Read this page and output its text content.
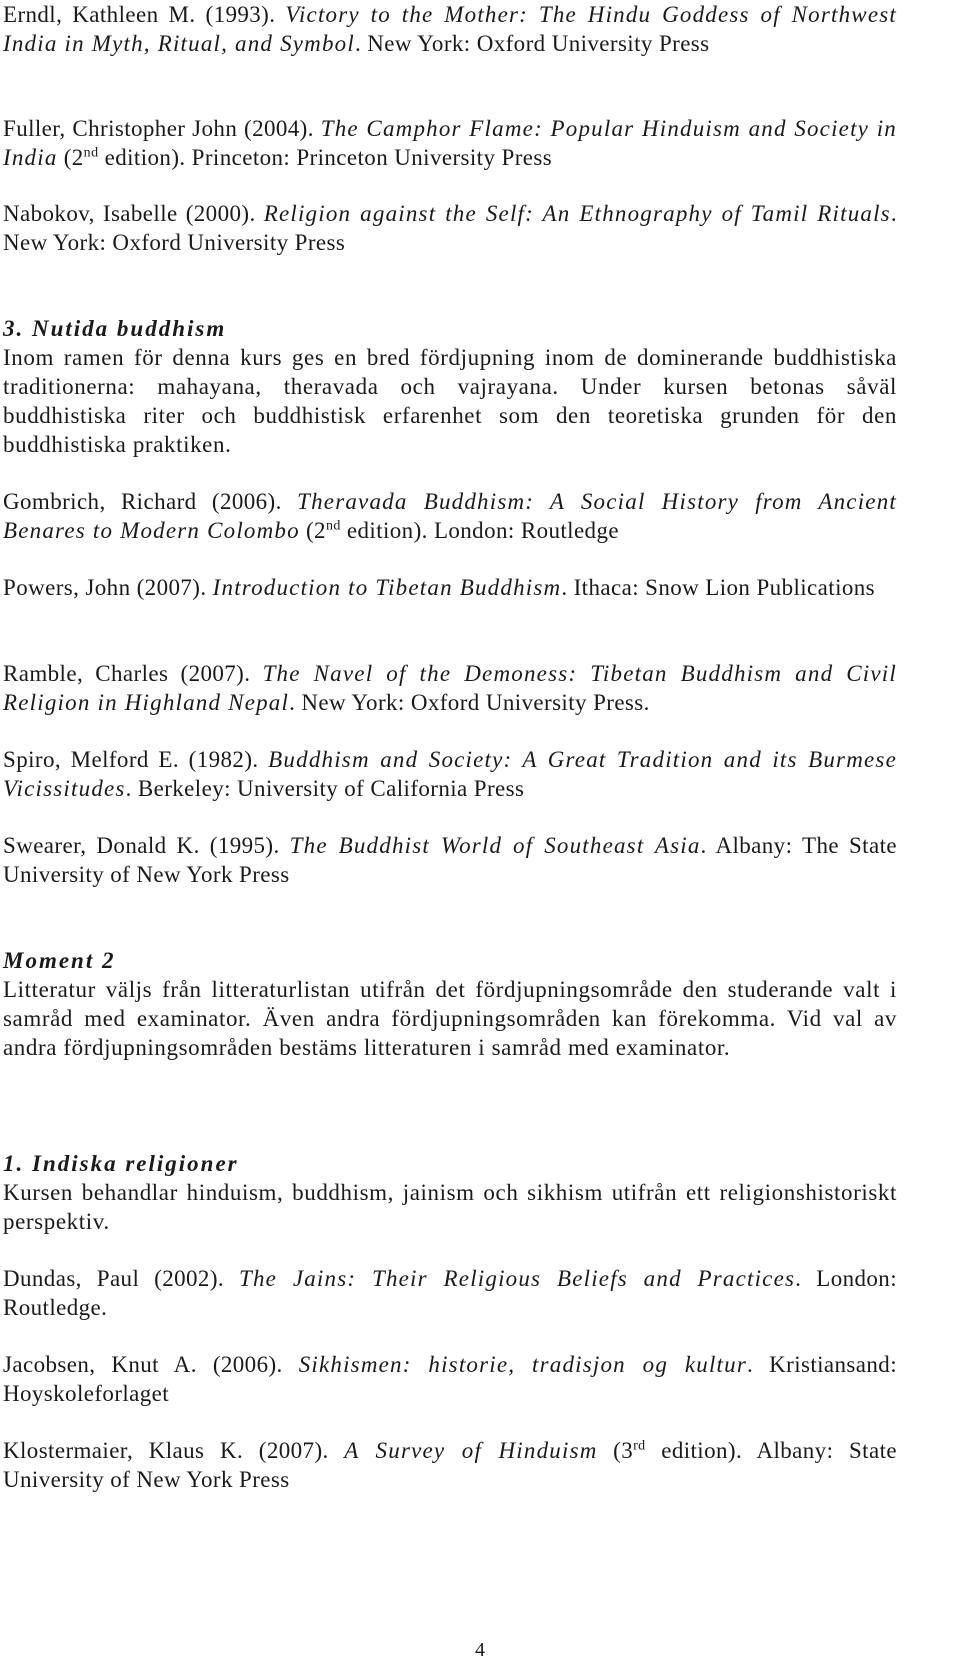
Erndl, Kathleen M. (1993). Victory to the Mother: The Hindu Goddess of Northwest India in Myth, Ritual, and Symbol. New York: Oxford University Press

Fuller, Christopher John (2004). The Camphor Flame: Popular Hinduism and Society in India (2nd edition). Princeton: Princeton University Press

Nabokov, Isabelle (2000). Religion against the Self: An Ethnography of Tamil Rituals. New York: Oxford University Press

3. Nutida buddhism

Inom ramen för denna kurs ges en bred fördjupning inom de dominerande buddhistiska traditionerna: mahayana, theravada och vajrayana. Under kursen betonas såväl buddhistiska riter och buddhistisk erfarenhet som den teoretiska grunden för den buddhistiska praktiken.

Gombrich, Richard (2006). Theravada Buddhism: A Social History from Ancient Benares to Modern Colombo (2nd edition). London: Routledge

Powers, John (2007). Introduction to Tibetan Buddhism. Ithaca: Snow Lion Publications

Ramble, Charles (2007). The Navel of the Demoness: Tibetan Buddhism and Civil Religion in Highland Nepal. New York: Oxford University Press.

Spiro, Melford E. (1982). Buddhism and Society: A Great Tradition and its Burmese Vicissitudes. Berkeley: University of California Press

Swearer, Donald K. (1995). The Buddhist World of Southeast Asia. Albany: The State University of New York Press

Moment 2

Litteratur väljs från litteraturlistan utifrån det fördjupningsområde den studerande valt i samråd med examinator. Även andra fördjupningsområden kan förekomma. Vid val av andra fördjupningsområden bestäms litteraturen i samråd med examinator.

1. Indiska religioner

Kursen behandlar hinduism, buddhism, jainism och sikhism utifrån ett religionshistoriskt perspektiv.

Dundas, Paul (2002). The Jains: Their Religious Beliefs and Practices. London: Routledge.

Jacobsen, Knut A. (2006). Sikhismen: historie, tradisjon og kultur. Kristiansand: Hoyskoleforlaget

Klostermaier, Klaus K. (2007). A Survey of Hinduism (3rd edition). Albany: State University of New York Press

4
